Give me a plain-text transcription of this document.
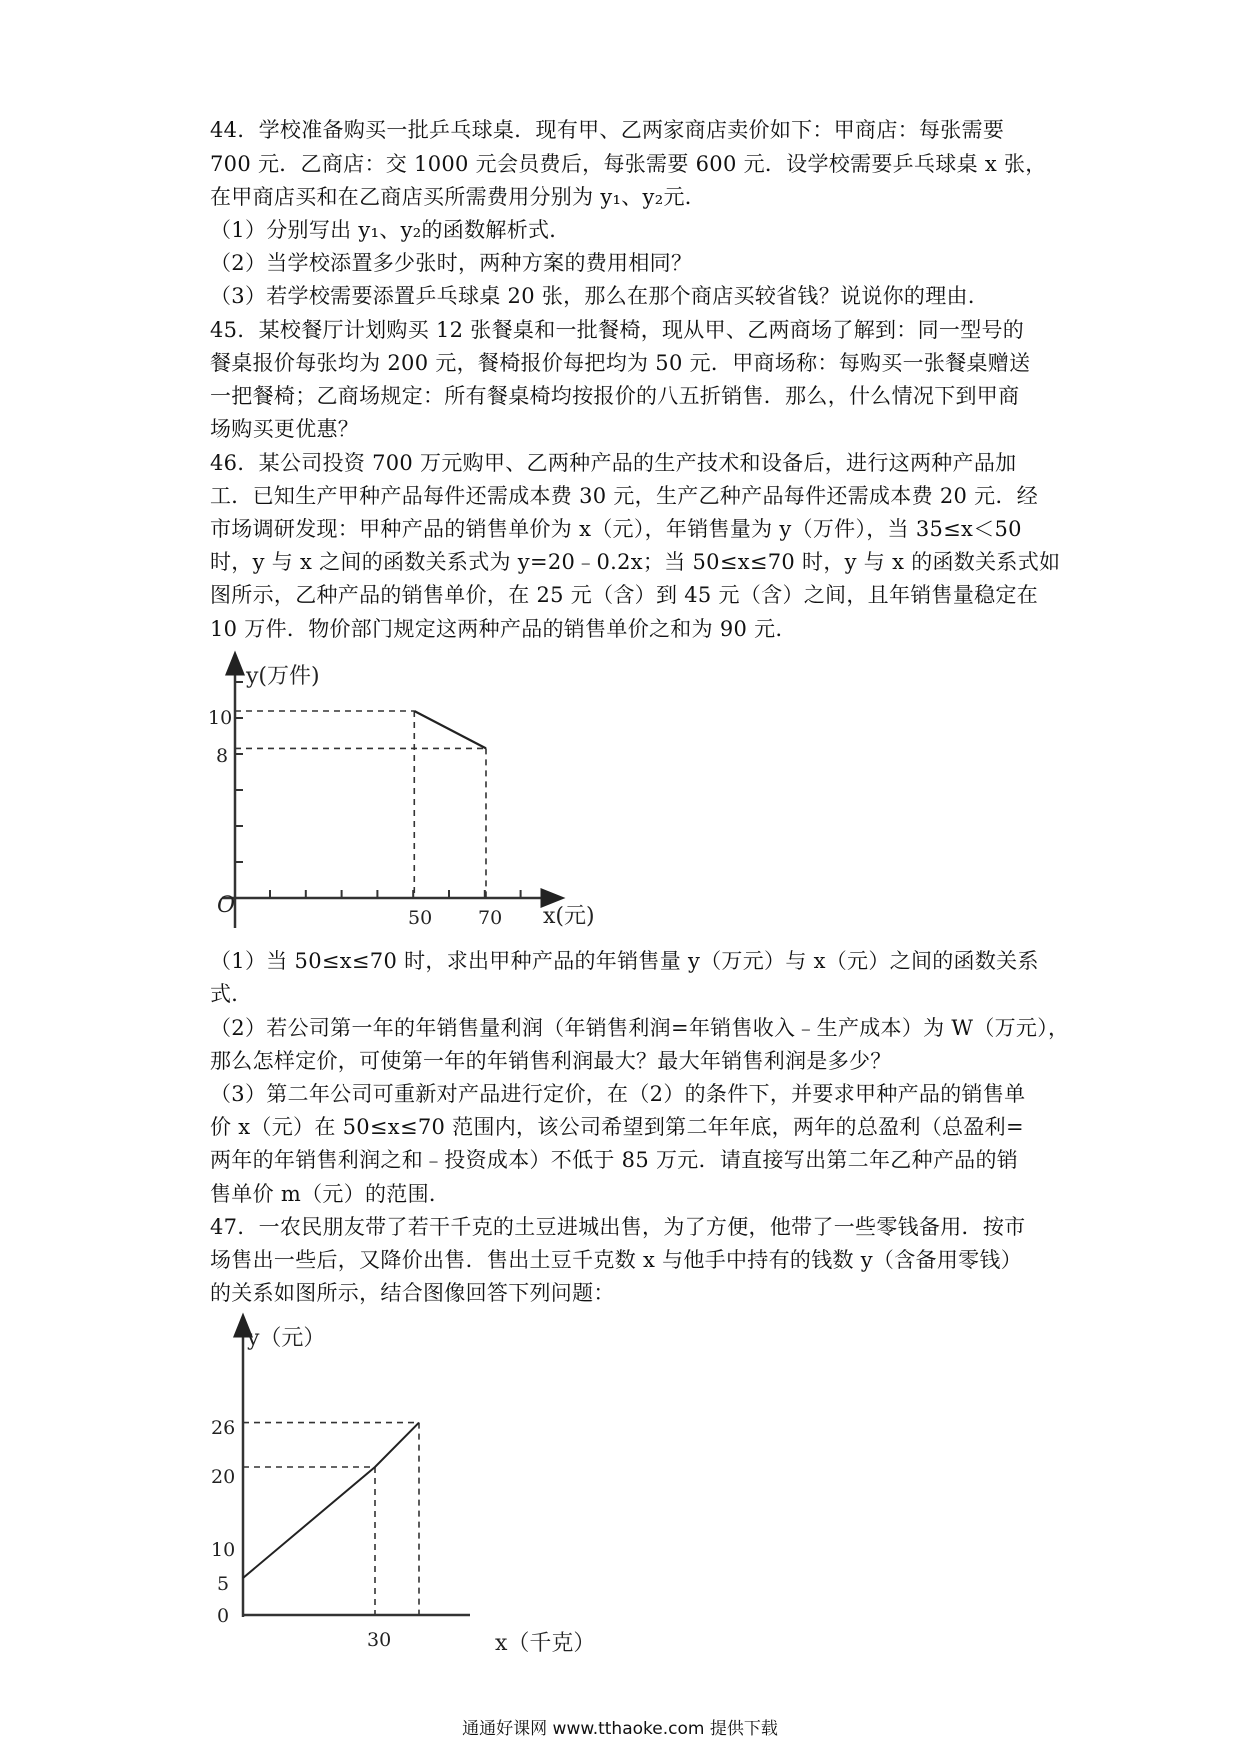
44．学校准备购买一批乒乓球桌．现有甲、乙两家商店卖价如下：甲商店：每张需要
700 元．乙商店：交 1000 元会员费后，每张需要 600 元．设学校需要乒乓球桌 x 张，
在甲商店买和在乙商店买所需费用分别为 y₁、y₂元．
（1）分别写出 y₁、y₂的函数解析式．
（2）当学校添置多少张时，两种方案的费用相同？
（3）若学校需要添置乒乓球桌 20 张，那么在那个商店买较省钱？说说你的理由．
45．某校餐厅计划购买 12 张餐桌和一批餐椅，现从甲、乙两商场了解到：同一型号的
餐桌报价每张均为 200 元，餐椅报价每把均为 50 元．甲商场称：每购买一张餐桌赠送
一把餐椅；乙商场规定：所有餐桌椅均按报价的八五折销售．那么，什么情况下到甲商
场购买更优惠？
46．某公司投资 700 万元购甲、乙两种产品的生产技术和设备后，进行这两种产品加
工．已知生产甲种产品每件还需成本费 30 元，生产乙种产品每件还需成本费 20 元．经
市场调研发现：甲种产品的销售单价为 x（元），年销售量为 y（万件），当 35≤x＜50
时，y 与 x 之间的函数关系式为 y=20﹣0.2x；当 50≤x≤70 时，y 与 x 的函数关系式如
图所示，乙种产品的销售单价，在 25 元（含）到 45 元（含）之间，且年销售量稳定在
10 万件．物价部门规定这两种产品的销售单价之和为 90 元．
y(万件)
O	50 70
10
8
x(元)
（1）当 50≤x≤70 时，求出甲种产品的年销售量 y（万元）与 x（元）之间的函数关系
式．
（2）若公司第一年的年销售量利润（年销售利润=年销售收入﹣生产成本）为 W（万元），
那么怎样定价，可使第一年的年销售利润最大？最大年销售利润是多少？
（3）第二年公司可重新对产品进行定价，在（2）的条件下，并要求甲种产品的销售单
价 x（元）在 50≤x≤70 范围内，该公司希望到第二年年底，两年的总盈利（总盈利=
两年的年销售利润之和﹣投资成本）不低于 85 万元．请直接写出第二年乙种产品的销
售单价 m（元）的范围．
47．一农民朋友带了若干千克的土豆进城出售，为了方便，他带了一些零钱备用．按市
场售出一些后，又降价出售．售出土豆千克数 x 与他手中持有的钱数 y（含备用零钱）
的关系如图所示，结合图像回答下列问题：
y（元）
30
26
20
10
5
0
x（千克）
通通好课网 www.tthaoke.com 提供下载
